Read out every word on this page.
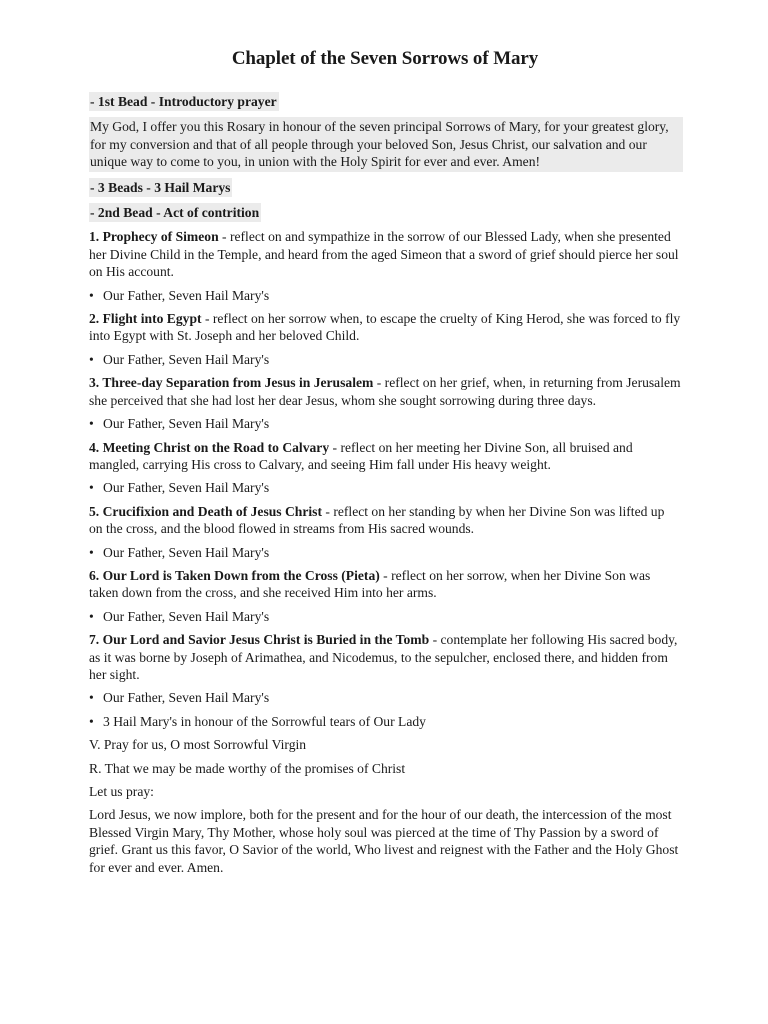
Chaplet of the Seven Sorrows of Mary
- 1st Bead - Introductory prayer
My God, I offer you this Rosary in honour of the seven principal Sorrows of Mary, for your greatest glory, for my conversion and that of all people through your beloved Son, Jesus Christ, our salvation and our unique way to come to you, in union with the Holy Spirit for ever and ever. Amen!
- 3 Beads - 3 Hail Marys
- 2nd Bead - Act of contrition
1. Prophecy of Simeon - reflect on and sympathize in the sorrow of our Blessed Lady, when she presented her Divine Child in the Temple, and heard from the aged Simeon that a sword of grief should pierce her soul on His account.
• Our Father, Seven Hail Mary's
2. Flight into Egypt - reflect on her sorrow when, to escape the cruelty of King Herod, she was forced to fly into Egypt with St. Joseph and her beloved Child.
• Our Father, Seven Hail Mary's
3. Three-day Separation from Jesus in Jerusalem - reflect on her grief, when, in returning from Jerusalem she perceived that she had lost her dear Jesus, whom she sought sorrowing during three days.
• Our Father, Seven Hail Mary's
4. Meeting Christ on the Road to Calvary - reflect on her meeting her Divine Son, all bruised and mangled, carrying His cross to Calvary, and seeing Him fall under His heavy weight.
• Our Father, Seven Hail Mary's
5. Crucifixion and Death of Jesus Christ - reflect on her standing by when her Divine Son was lifted up on the cross, and the blood flowed in streams from His sacred wounds.
• Our Father, Seven Hail Mary's
6. Our Lord is Taken Down from the Cross (Pieta) - reflect on her sorrow, when her Divine Son was taken down from the cross, and she received Him into her arms.
• Our Father, Seven Hail Mary's
7. Our Lord and Savior Jesus Christ is Buried in the Tomb - contemplate her following His sacred body, as it was borne by Joseph of Arimathea, and Nicodemus, to the sepulcher, enclosed there, and hidden from her sight.
• Our Father, Seven Hail Mary's
• 3 Hail Mary's in honour of the Sorrowful tears of Our Lady
V. Pray for us, O most Sorrowful Virgin
R. That we may be made worthy of the promises of Christ
Let us pray:
Lord Jesus, we now implore, both for the present and for the hour of our death, the intercession of the most Blessed Virgin Mary, Thy Mother, whose holy soul was pierced at the time of Thy Passion by a sword of grief. Grant us this favor, O Savior of the world, Who livest and reignest with the Father and the Holy Ghost for ever and ever. Amen.
